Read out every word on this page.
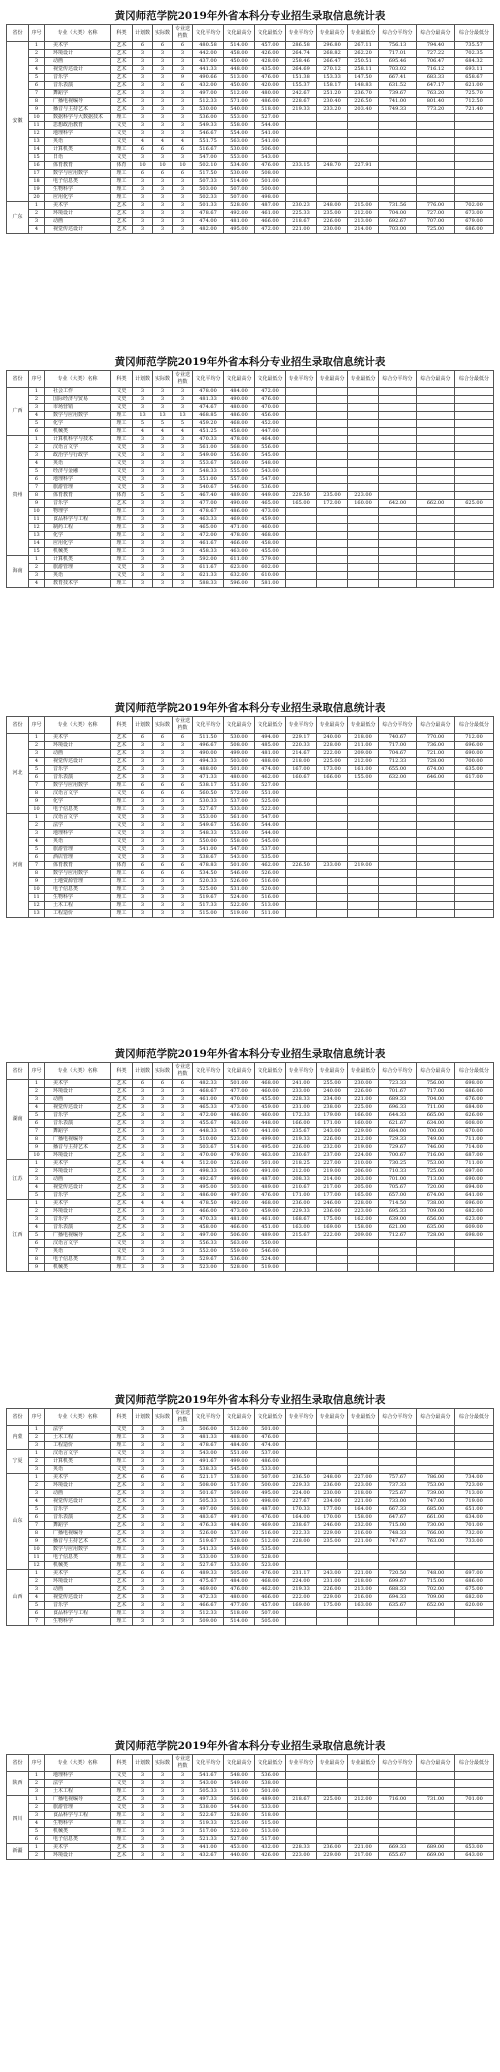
黄冈师范学院2019年外省本科分专业招生录取信息统计表
省份	序号	专业（大类）名称	科类	计划数	实际数	专业送档数	文化平均分	文化最高分	文化最低分	专业平均分	专业最高分	专业最低分	综合分平均分	综合分最高分	综合分最低分
安徽	1	美术学	艺术	6	6	6	480.58	514.00	457.00	286.58	296.80	267.11	756.13	794.40	735.57
	2	环境设计	艺术	3	3	3	442.00	458.00	426.00	264.74	268.82	262.20	717.01	727.22	702.35
	3	动画	艺术	3	3	3	437.00	450.00	428.00	258.46	266.47	250.51	695.46	706.47	684.32
	4	视觉传达设计	艺术	3	3	3	441.33	448.00	435.00	264.69	270.12	258.11	703.02	716.12	693.11
	5	音乐学	艺术	3	3	9	490.66	513.00	476.00	151.38	153.33	147.50	667.41	683.33	658.67
	6	音乐表演	艺术	3	3	6	432.00	450.00	420.00	155.37	158.17	148.83	631.52	647.17	621.00
	7	舞蹈学	艺术	3	3	3	497.00	512.00	480.00	242.67	251.20	236.70	739.67	763.20	725.70
	8	广播电视编导	艺术	3	3	3	512.33	571.00	486.00	228.67	230.40	226.50	741.00	801.40	712.50
	9	播音与主持艺术	艺术	3	3	3	530.00	540.00	518.00	219.33	233.20	203.40	749.33	773.20	721.40
	10	数据科学与大数据技术	理工	3	3	3	536.00	553.00	527.00						
	11	思想政治教育	文史	3	3	3	549.33	558.00	544.00						
	12	地理科学	文史	3	3	3	546.67	554.00	541.00						
	13	英语	文史	4	4	4	551.75	563.00	541.00						
	14	计算机类	理工	6	6	6	516.67	530.00	506.00						
	15	日语	文史	3	3	3	547.00	553.00	543.00						
	16	体育教育	体育	10	10	10	502.10	534.00	476.00	233.15	248.70	227.91			
	17	数学与应用数学	理工	6	6	6	517.50	530.00	508.00						
	18	电子信息类	理工	3	3	3	507.33	514.00	501.00						
	19	生物科学	理工	3	3	3	503.00	507.00	500.00						
	20	应用化学	理工	3	3	3	502.33	507.00	498.00						
广东	1	美术学	艺术	3	3	3	501.33	528.00	487.00	230.23	248.00	215.00	731.56	776.00	702.00
	2	环境设计	艺术	3	3	3	478.67	492.00	461.00	225.33	235.00	212.00	704.00	727.00	673.00
	3	动画	艺术	3	3	3	474.00	481.00	466.00	218.67	226.00	213.00	692.67	707.00	679.00
	4	视觉传达设计	艺术	3	3	3	482.00	495.00	472.00	221.00	230.00	214.00	703.00	725.00	686.00
黄冈师范学院2019年外省本科分专业招生录取信息统计表
省份	序号	专业（大类）名称	科类	计划数	实际数	专业送档数	文化平均分	文化最高分	文化最低分	专业平均分	专业最高分	专业最低分	综合分平均分	综合分最高分	综合分最低分
广西	1	社会工作	文史	3	3	3	478.00	484.00	472.00						
	2	国际经济与贸易	文史	3	3	3	481.33	490.00	476.00						
	3	市场营销	文史	3	3	3	474.67	480.00	470.00						
	4	数学与应用数学	理工	13	13	13	468.85	486.00	456.00						
	5	化学	理工	5	5	5	459.20	468.00	452.00						
	6	机械类	理工	4	4	4	451.25	458.00	447.00						
贵州	1	计算机科学与技术	理工	3	3	3	470.33	478.00	464.00						
	2	汉语言文学	文史	3	3	3	561.00	568.00	556.00						
	3	政治学与行政学	文史	3	3	3	549.00	556.00	545.00						
	4	英语	文史	3	3	3	553.67	560.00	548.00						
	5	经济与金融	文史	3	3	3	548.33	555.00	543.00						
	6	地理科学	文史	3	3	3	551.00	557.00	547.00						
	7	旅游管理	文史	3	3	3	540.67	546.00	536.00						
	8	体育教育	体育	5	5	5	467.40	489.00	449.00	229.50	235.00	223.00			
	9	音乐学	艺术	3	3	3	477.00	490.00	465.00	165.00	172.00	160.00	642.00	662.00	625.00
	10	物理学	理工	3	3	3	478.67	486.00	473.00						
	11	食品科学与工程	理工	3	3	3	463.33	469.00	459.00						
	12	制药工程	理工	3	3	3	465.00	471.00	460.00						
	13	化学	理工	3	3	3	472.00	478.00	468.00						
	14	应用化学	理工	3	3	3	461.67	466.00	458.00						
	15	机械类	理工	3	3	3	458.33	463.00	455.00						
海南	1	计算机类	理工	3	3	3	592.00	611.00	579.00						
	2	旅游管理	文史	3	3	3	611.67	623.00	602.00						
	3	英语	文史	3	3	3	621.33	632.00	610.00						
	4	教育技术学	理工	3	3	3	588.33	596.00	581.00						
黄冈师范学院2019年外省本科分专业招生录取信息统计表
省份	序号	专业（大类）名称	科类	计划数	实际数	专业送档数	文化平均分	文化最高分	文化最低分	专业平均分	专业最高分	专业最低分	综合分平均分	综合分最高分	综合分最低分
河北	1	美术学	艺术	6	6	6	511.50	530.00	494.00	229.17	240.00	218.00	740.67	770.00	712.00
	2	环境设计	艺术	3	3	3	496.67	508.00	485.00	220.33	228.00	211.00	717.00	736.00	696.00
	3	动画	艺术	3	3	3	490.00	499.00	481.00	214.67	222.00	209.00	704.67	721.00	690.00
	4	视觉传达设计	艺术	3	3	3	494.33	503.00	488.00	218.00	225.00	212.00	712.33	728.00	700.00
	5	音乐学	艺术	3	3	3	488.00	501.00	474.00	167.00	173.00	161.00	655.00	674.00	635.00
	6	音乐表演	艺术	3	3	3	471.33	480.00	462.00	160.67	166.00	155.00	632.00	646.00	617.00
	7	数学与应用数学	理工	6	6	6	538.17	551.00	527.00						
	8	汉语言文学	文史	6	6	6	560.50	572.00	551.00						
	9	化学	理工	3	3	3	530.33	537.00	525.00						
	10	电子信息类	理工	3	3	3	527.67	533.00	522.00						
河南	1	汉语言文学	文史	3	3	3	553.00	561.00	547.00						
	2	法学	文史	3	3	3	549.67	556.00	544.00						
	3	地理科学	文史	3	3	3	548.33	553.00	544.00						
	4	英语	文史	3	3	3	550.00	558.00	545.00						
	5	旅游管理	文史	3	3	3	541.00	547.00	537.00						
	6	酒店管理	文史	3	3	3	538.67	543.00	535.00						
	7	体育教育	体育	6	6	6	478.83	501.00	462.00	226.50	233.00	219.00			
	8	数学与应用数学	理工	6	6	6	534.50	546.00	526.00						
	9	土地资源管理	理工	3	3	3	520.33	526.00	516.00						
	10	电子信息类	理工	3	3	3	525.00	531.00	520.00						
	11	生物科学	理工	3	3	3	519.67	524.00	516.00						
	12	土木工程	理工	3	3	3	517.33	522.00	513.00						
	13	工程造价	理工	3	3	3	515.00	519.00	511.00						
黄冈师范学院2019年外省本科分专业招生录取信息统计表
省份	序号	专业（大类）名称	科类	计划数	实际数	专业送档数	文化平均分	文化最高分	文化最低分	专业平均分	专业最高分	专业最低分	综合分平均分	综合分最高分	综合分最低分
湖南	1	美术学	艺术	6	6	6	482.33	501.00	468.00	241.00	255.00	230.00	723.33	756.00	698.00
	2	环境设计	艺术	3	3	3	468.67	477.00	460.00	233.00	240.00	226.00	701.67	717.00	686.00
	3	动画	艺术	3	3	3	461.00	470.00	455.00	228.33	234.00	221.00	689.33	704.00	676.00
	4	视觉传达设计	艺术	3	3	3	465.33	473.00	459.00	231.00	238.00	225.00	696.33	711.00	684.00
	5	音乐学	艺术	3	3	3	472.00	486.00	460.00	172.33	179.00	166.00	644.33	665.00	626.00
	6	音乐表演	艺术	3	3	3	455.67	463.00	448.00	166.00	171.00	160.00	621.67	634.00	608.00
	7	舞蹈学	艺术	3	3	3	448.33	457.00	441.00	235.67	243.00	229.00	684.00	700.00	670.00
	8	广播电视编导	艺术	3	3	3	510.00	523.00	499.00	219.33	226.00	212.00	729.33	749.00	711.00
	9	播音与主持艺术	艺术	3	3	3	503.67	514.00	495.00	226.00	232.00	219.00	729.67	746.00	714.00
	10	环境设计	艺术	3	3	3	470.00	479.00	463.00	230.67	237.00	224.00	700.67	716.00	687.00
江苏	1	美术学	艺术	4	4	4	512.00	526.00	501.00	218.25	227.00	210.00	730.25	753.00	711.00
	2	环境设计	艺术	3	3	3	498.33	506.00	491.00	212.00	219.00	206.00	710.33	725.00	697.00
	3	动画	艺术	3	3	3	492.67	499.00	487.00	208.33	214.00	203.00	701.00	713.00	690.00
	4	视觉传达设计	艺术	3	3	3	495.00	503.00	489.00	210.67	217.00	205.00	705.67	720.00	694.00
	5	音乐学	艺术	3	3	3	486.00	497.00	476.00	171.00	177.00	165.00	657.00	674.00	641.00
江西	1	美术学	艺术	4	4	4	478.50	492.00	468.00	236.00	246.00	228.00	714.50	738.00	696.00
	2	环境设计	艺术	3	3	3	466.00	473.00	459.00	229.33	236.00	223.00	695.33	709.00	682.00
	3	音乐学	艺术	3	3	3	470.33	481.00	461.00	168.67	175.00	162.00	639.00	656.00	623.00
	4	音乐表演	艺术	3	3	3	458.00	466.00	451.00	163.00	169.00	158.00	621.00	635.00	609.00
	5	广播电视编导	艺术	3	3	3	497.00	506.00	489.00	215.67	222.00	209.00	712.67	728.00	698.00
	6	汉语言文学	文史	3	3	3	556.33	563.00	550.00						
	7	英语	文史	3	3	3	552.00	559.00	546.00						
	8	电子信息类	理工	3	3	3	529.67	536.00	524.00						
	9	机械类	理工	3	3	3	523.00	528.00	519.00						
黄冈师范学院2019年外省本科分专业招生录取信息统计表
省份	序号	专业（大类）名称	科类	计划数	实际数	专业送档数	文化平均分	文化最高分	文化最低分	专业平均分	专业最高分	专业最低分	综合分平均分	综合分最高分	综合分最低分
内蒙	1	法学	文史	3	3	3	506.00	512.00	501.00						
	2	土木工程	理工	3	3	3	481.33	488.00	476.00						
	3	工程造价	理工	3	3	3	478.67	484.00	474.00						
宁夏	1	汉语言文学	文史	3	3	3	543.00	551.00	537.00						
	2	计算机类	理工	3	3	3	491.67	499.00	486.00						
	3	英语	文史	3	3	3	538.33	545.00	533.00						
山东	1	美术学	艺术	6	6	6	521.17	538.00	507.00	236.50	248.00	227.00	757.67	786.00	734.00
	2	环境设计	艺术	3	3	3	508.00	517.00	500.00	229.33	236.00	223.00	737.33	753.00	723.00
	3	动画	艺术	3	3	3	501.67	509.00	495.00	224.00	230.00	218.00	725.67	739.00	713.00
	4	视觉传达设计	艺术	3	3	3	505.33	513.00	498.00	227.67	234.00	221.00	733.00	747.00	719.00
	5	音乐学	艺术	3	3	3	497.00	508.00	487.00	170.33	177.00	164.00	667.33	685.00	651.00
	6	音乐表演	艺术	3	3	3	483.67	491.00	476.00	164.00	170.00	158.00	647.67	661.00	634.00
	7	舞蹈学	艺术	3	3	3	476.33	484.00	469.00	238.67	246.00	232.00	715.00	730.00	701.00
	8	广播电视编导	艺术	3	3	3	526.00	537.00	516.00	222.33	229.00	216.00	748.33	766.00	732.00
	9	播音与主持艺术	艺术	3	3	3	519.67	528.00	512.00	228.00	235.00	221.00	747.67	763.00	733.00
	10	数学与应用数学	理工	3	3	3	541.33	549.00	535.00						
	11	电子信息类	理工	3	3	3	533.00	539.00	528.00						
	12	机械类	理工	3	3	3	527.67	533.00	523.00						
山西	1	美术学	艺术	6	6	6	489.33	505.00	476.00	231.17	243.00	221.00	720.50	748.00	697.00
	2	环境设计	艺术	3	3	3	475.67	484.00	468.00	224.00	231.00	218.00	699.67	715.00	686.00
	3	动画	艺术	3	3	3	469.00	476.00	462.00	219.33	226.00	213.00	688.33	702.00	675.00
	4	视觉传达设计	艺术	3	3	3	472.33	480.00	466.00	222.00	229.00	216.00	694.33	709.00	682.00
	5	音乐学	艺术	3	3	3	466.67	477.00	457.00	169.00	175.00	163.00	635.67	652.00	620.00
	6	食品科学与工程	理工	3	3	3	512.33	518.00	507.00						
	7	生物科学	理工	3	3	3	509.00	514.00	505.00						
黄冈师范学院2019年外省本科分专业招生录取信息统计表
省份	序号	专业（大类）名称	科类	计划数	实际数	专业送档数	文化平均分	文化最高分	文化最低分	专业平均分	专业最高分	专业最低分	综合分平均分	综合分最高分	综合分最低分
陕西	1	地理科学	文史	3	3	3	541.67	548.00	536.00						
	2	法学	文史	3	3	3	543.00	549.00	538.00						
	3	土木工程	理工	3	3	3	505.33	511.00	501.00						
四川	1	广播电视编导	艺术	3	3	3	497.33	506.00	489.00	218.67	225.00	212.00	716.00	731.00	701.00
	2	旅游管理	文史	3	3	3	538.00	544.00	533.00						
	3	食品科学与工程	理工	3	3	3	522.67	528.00	518.00						
	4	生物科学	理工	3	3	3	519.33	525.00	515.00						
	5	机械类	理工	3	3	3	517.00	522.00	513.00						
	6	电子信息类	理工	3	3	3	521.33	527.00	517.00						
新疆	1	美术学	艺术	3	3	3	441.00	453.00	432.00	228.33	236.00	221.00	669.33	689.00	653.00
	2	环境设计	艺术	3	3	3	432.67	440.00	426.00	223.00	229.00	217.00	655.67	669.00	643.00
